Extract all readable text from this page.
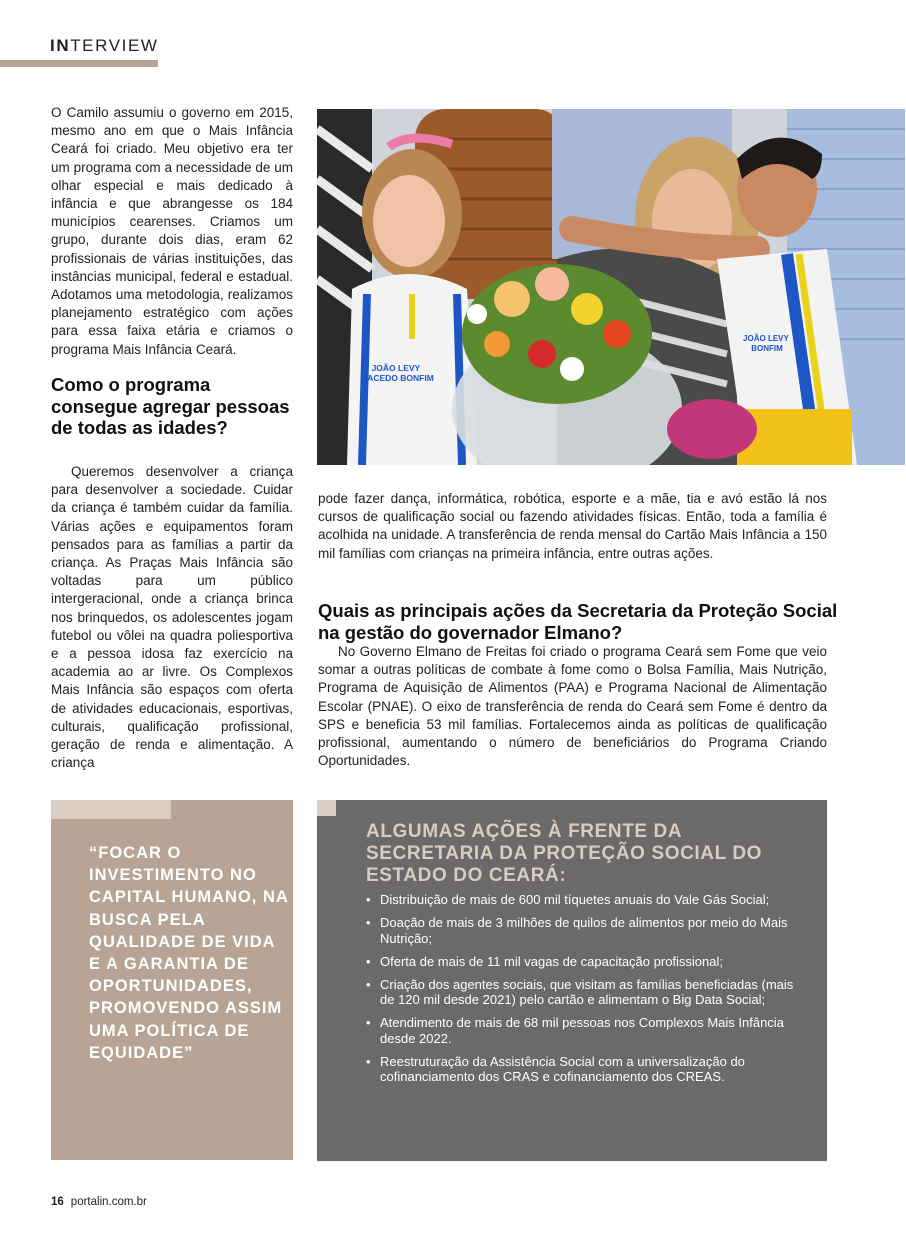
INTERVIEW

O Camilo assumiu o governo em 2015, mesmo ano em que o Mais Infância Ceará foi criado. Meu objetivo era ter um programa com a necessidade de um olhar especial e mais dedicado à infância e que abrangesse os 184 municípios cearenses. Criamos um grupo, durante dois dias, eram 62 profissionais de várias instituições, das instâncias municipal, federal e estadual. Adotamos uma metodologia, realizamos planejamento estratégico com ações para essa faixa etária e criamos o programa Mais Infância Ceará.

Como o programa consegue agregar pessoas de todas as idades?

Queremos desenvolver a criança para desenvolver a sociedade. Cuidar da criança é também cuidar da família. Várias ações e equipamentos foram pensados para as famílias a partir da criança. As Praças Mais Infância são voltadas para um público intergeracional, onde a criança brinca nos brinquedos, os adolescentes jogam futebol ou vôlei na quadra poliesportiva e a pessoa idosa faz exercício na academia ao ar livre. Os Complexos Mais Infância são espaços com oferta de atividades educacionais, esportivas, culturais, qualificação profissional, geração de renda e alimentação. A criança

JOÃO LEVY MACEDO BONFIM
JOÃO LEVY BONFIM

pode fazer dança, informática, robótica, esporte e a mãe, tia e avó estão lá nos cursos de qualificação social ou fazendo atividades físicas. Então, toda a família é acolhida na unidade. A transferência de renda mensal do Cartão Mais Infância a 150 mil famílias com crianças na primeira infância, entre outras ações.

Quais as principais ações da Secretaria da Proteção Social na gestão do governador Elmano?

No Governo Elmano de Freitas foi criado o programa Ceará sem Fome que veio somar a outras políticas de combate à fome como o Bolsa Família, Mais Nutrição, Programa de Aquisição de Alimentos (PAA) e Programa Nacional de Alimentação Escolar (PNAE). O eixo de transferência de renda do Ceará sem Fome é dentro da SPS e beneficia 53 mil famílias. Fortalecemos ainda as políticas de qualificação profissional, aumentando o número de beneficiários do Programa Criando Oportunidades.

“FOCAR O INVESTIMENTO NO CAPITAL HUMANO, NA BUSCA PELA QUALIDADE DE VIDA E A GARANTIA DE OPORTUNIDADES, PROMOVENDO ASSIM UMA POLÍTICA DE EQUIDADE”

ALGUMAS AÇÕES À FRENTE DA SECRETARIA DA PROTEÇÃO SOCIAL DO ESTADO DO CEARÁ:
• Distribuição de mais de 600 mil tíquetes anuais do Vale Gás Social;
• Doação de mais de 3 milhões de quilos de alimentos por meio do Mais Nutrição;
• Oferta de mais de 11 mil vagas de capacitação profissional;
• Criação dos agentes sociais, que visitam as famílias beneficiadas (mais de 120 mil desde 2021) pelo cartão e alimentam o Big Data Social;
• Atendimento de mais de 68 mil pessoas nos Complexos Mais Infância desde 2022.
• Reestruturação da Assistência Social com a universalização do cofinanciamento dos CRAS e cofinanciamento dos CREAS.
16 portalin.com.br
